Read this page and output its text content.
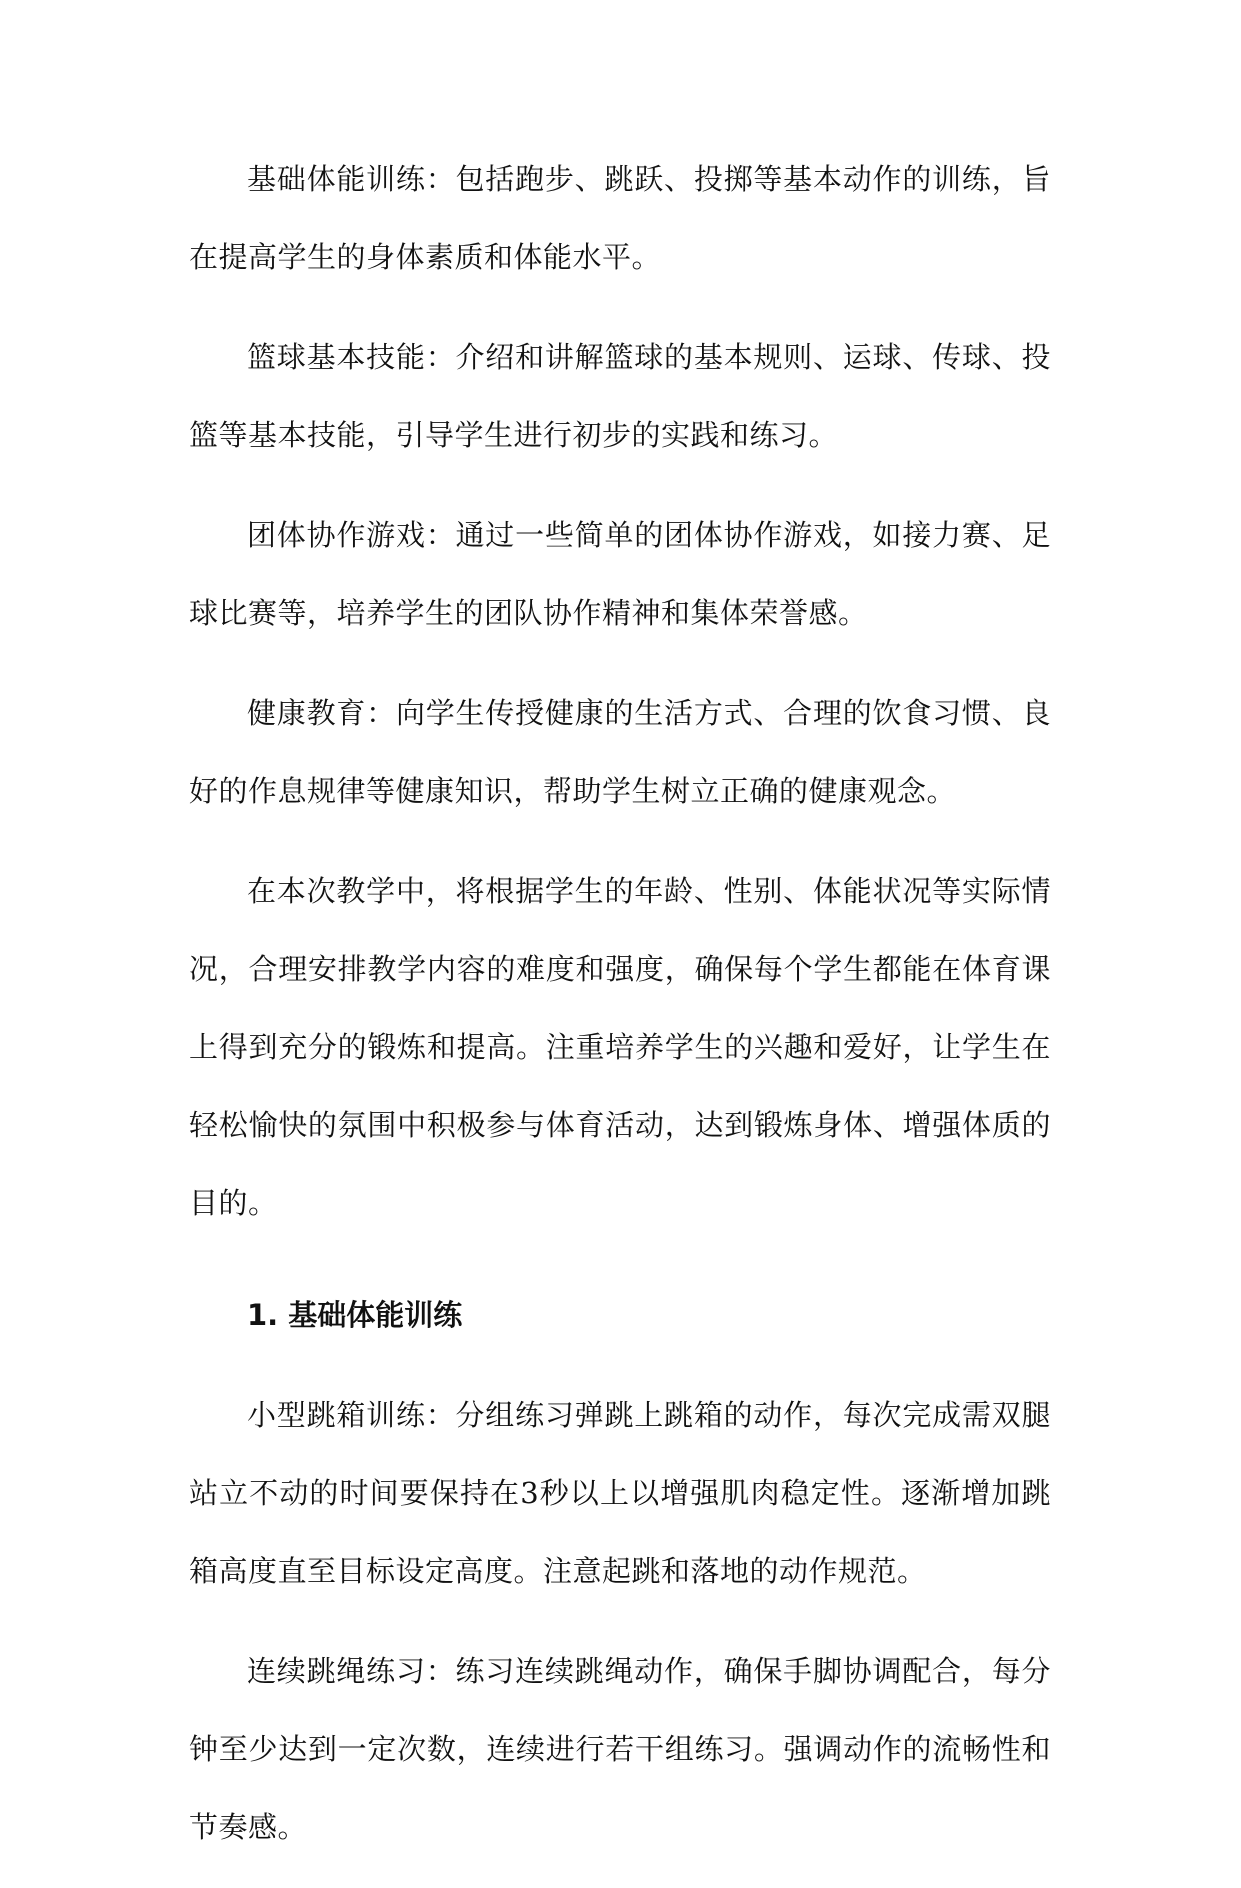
基础体能训练：包括跑步、跳跃、投掷等基本动作的训练，旨在提高学生的身体素质和体能水平。

篮球基本技能：介绍和讲解篮球的基本规则、运球、传球、投篮等基本技能，引导学生进行初步的实践和练习。

团体协作游戏：通过一些简单的团体协作游戏，如接力赛、足球比赛等，培养学生的团队协作精神和集体荣誉感。

健康教育：向学生传授健康的生活方式、合理的饮食习惯、良好的作息规律等健康知识，帮助学生树立正确的健康观念。

在本次教学中，将根据学生的年龄、性别、体能状况等实际情况，合理安排教学内容的难度和强度，确保每个学生都能在体育课上得到充分的锻炼和提高。注重培养学生的兴趣和爱好，让学生在轻松愉快的氛围中积极参与体育活动，达到锻炼身体、增强体质的目的。

1. 基础体能训练

小型跳箱训练：分组练习弹跳上跳箱的动作，每次完成需双腿站立不动的时间要保持在3秒以上以增强肌肉稳定性。逐渐增加跳箱高度直至目标设定高度。注意起跳和落地的动作规范。

连续跳绳练习：练习连续跳绳动作，确保手脚协调配合，每分钟至少达到一定次数，连续进行若干组练习。强调动作的流畅性和节奏感。
